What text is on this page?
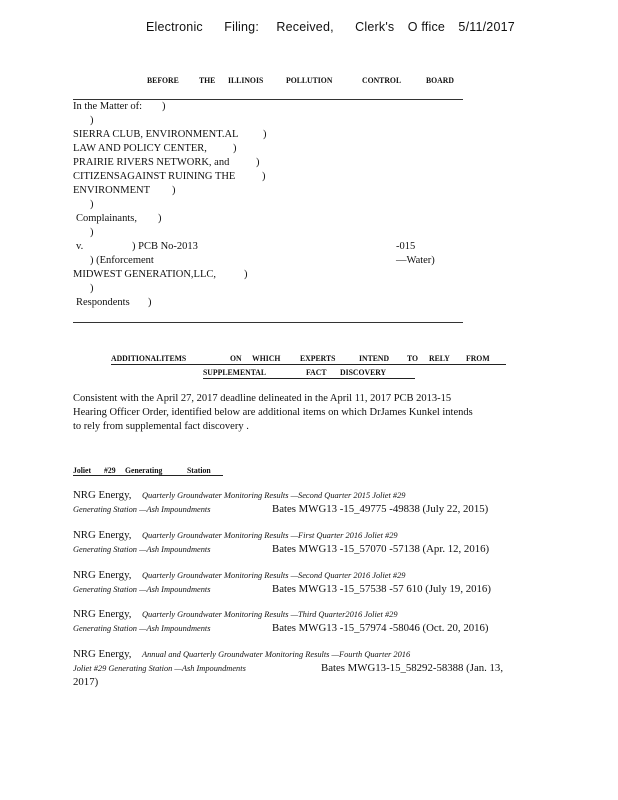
Electronic Filing: Received, Clerk's O ffice 5/11/2017
BEFORE THE ILLINOIS	POLLUTION	CONTROL	BOARD
In the Matter of: )
)
SIERRA CLUB, ENVIRONMENT.AL )
LAW AND POLICY CENTER, )
PRAIRIE RIVERS NETWORK, and	)
CITIZENSAGAINST RUINING THE	)
ENVIRONMENT )
)
Complainants, )
)
v.	) PCB No-2013	-015
) (Enforcement	—Water)
MIDWEST GENERATION,LLC,	)
)
Respondents )
ADDITIONALITEMS	ON WHICH EXPERTS	INTEND TO RELY FROM
SUPPLEMENTAL	FACT DISCOVERY
Consistent with the April 27, 2017 deadline delineated in the April 11, 2017 PCB 2013-15
Hearing Officer Order, identified below are additional items on which DrJames Kunkel intends
to rely from supplemental fact discovery .
Joliet #29 Generating	Station
NRG Energy, Quarterly Groundwater Monitoring Results —Second Quarter 2015 Joliet #29
Generating Station —Ash Impoundments	Bates MWG13 -15_49775 -49838 (July 22, 2015)
NRG Energy, Quarterly Groundwater Monitoring Results —First Quarter 2016 Joliet #29
Generating Station —Ash Impoundments	Bates MWG13 -15_57070 -57138 (Apr. 12, 2016)
NRG Energy, Quarterly Groundwater Monitoring Results —Second Quarter 2016 Joliet #29
Generating Station —Ash Impoundments	Bates MWG13 -15_57538 -57 610 (July 19, 2016)
NRG Energy, Quarterly Groundwater Monitoring Results —Third Quarter2016 Joliet #29
Generating Station —Ash Impoundments	Bates MWG13 -15_57974 -58046 (Oct. 20, 2016)
NRG Energy, Annual and Quarterly Groundwater Monitoring Results —Fourth Quarter 2016
Joliet #29 Generating Station —Ash Impoundments	Bates MWG13-15_58292-58388 (Jan. 13,
2017)
